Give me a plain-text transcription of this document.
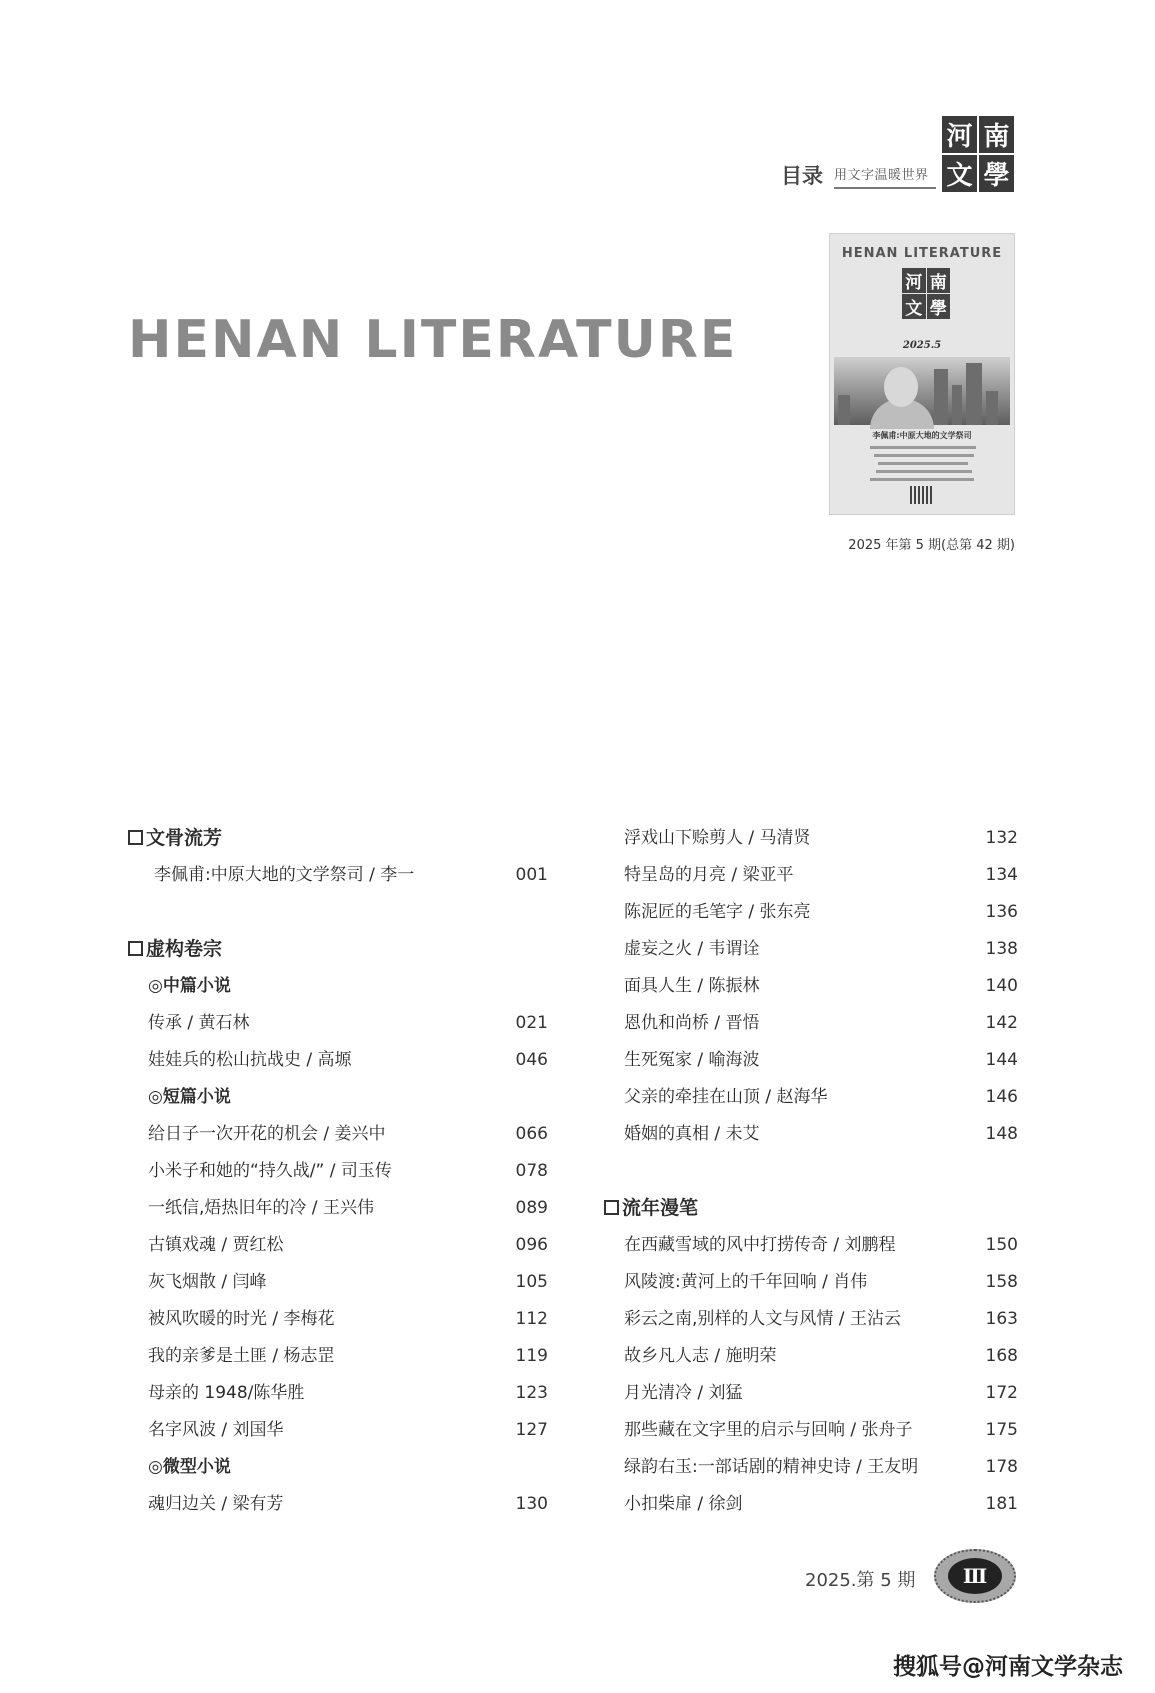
目录 用文字温暖世界
河 南
文 學
HENAN LITERATURE
河 南
文 學
2025.5
李佩甫:中原大地的文学祭司
2025 年第 5 期(总第 42 期)
HENAN LITERATURE
文骨流芳
李佩甫:中原大地的文学祭司 / 李一	001
虚构卷宗
◎中篇小说
传承 / 黄石林	021
娃娃兵的松山抗战史 / 高塬	046
◎短篇小说
给日子一次开花的机会 / 姜兴中	066
小米子和她的“持久战/” / 司玉传	078
一纸信,焐热旧年的冷 / 王兴伟	089
古镇戏魂 / 贾红松	096
灰飞烟散 / 闫峰	105
被风吹暖的时光 / 李梅花	112
我的亲爹是土匪 / 杨志罡	119
母亲的 1948/陈华胜	123
名字风波 / 刘国华	127
◎微型小说
魂归边关 / 梁有芳	130
浮戏山下赊剪人 / 马清贤	132
特呈岛的月亮 / 梁亚平	134
陈泥匠的毛笔字 / 张东亮	136
虚妄之火 / 韦谓诠	138
面具人生 / 陈振林	140
恩仇和尚桥 / 晋悟	142
生死冤家 / 喻海波	144
父亲的牵挂在山顶 / 赵海华	146
婚姻的真相 / 未艾	148
流年漫笔
在西藏雪域的风中打捞传奇 / 刘鹏程	150
风陵渡:黄河上的千年回响 / 肖伟	158
彩云之南,别样的人文与风情 / 王沾云	163
故乡凡人志 / 施明荣	168
月光清冷 / 刘猛	172
那些藏在文字里的启示与回响 / 张舟子	175
绿韵右玉:一部话剧的精神史诗 / 王友明	178
小扣柴扉 / 徐剑	181
2025.第 5 期	Ⅲ
搜狐号@河南文学杂志
